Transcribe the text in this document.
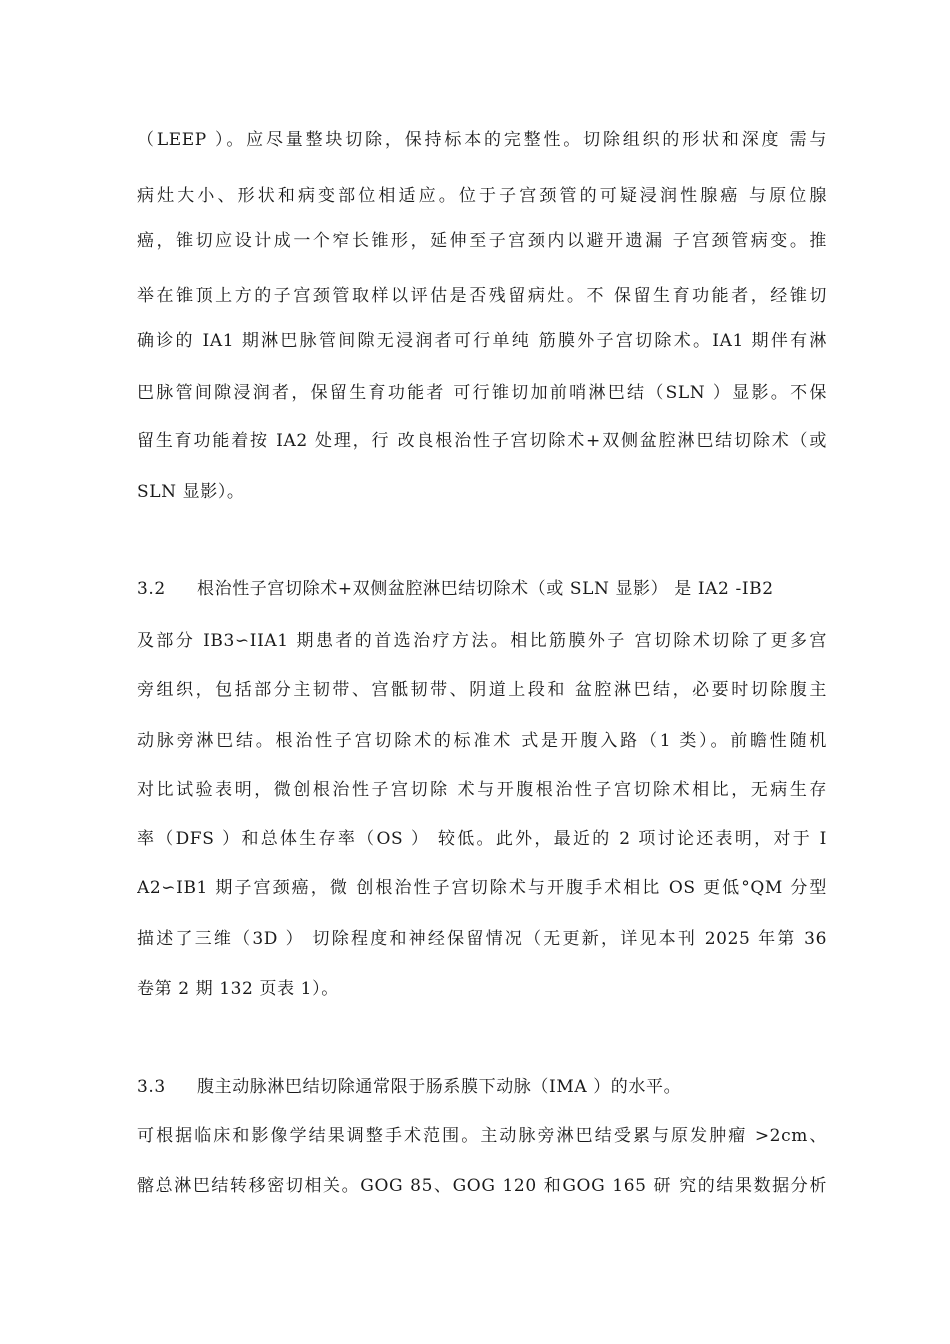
（LEEP ）。应尽量整块切除，保持标本的完整性。切除组织的形状和深度 需与
病灶大小、形状和病变部位相适应。位于子宫颈管的可疑浸润性腺癌 与原位腺
癌，锥切应设计成一个窄长锥形，延伸至子宫颈内以避开遗漏 子宫颈管病变。推
举在锥顶上方的子宫颈管取样以评估是否残留病灶。不 保留生育功能者，经锥切
确诊的 IA1 期淋巴脉管间隙无浸润者可行单纯 筋膜外子宫切除术。IA1 期伴有淋
巴脉管间隙浸润者，保留生育功能者 可行锥切加前哨淋巴结（SLN ）显影。不保
留生育功能着按 IA2 处理，行 改良根治性子宫切除术+双侧盆腔淋巴结切除术（或
SLN 显影）。
3.2 根治性子宫切除术+双侧盆腔淋巴结切除术（或 SLN 显影） 是 IA2 -IB2
及部分 IB3∽IIA1 期患者的首选治疗方法。相比筋膜外子 宫切除术切除了更多宫
旁组织，包括部分主韧带、宫骶韧带、阴道上段和 盆腔淋巴结，必要时切除腹主
动脉旁淋巴结。根治性子宫切除术的标准术 式是开腹入路（1 类）。前瞻性随机
对比试验表明，微创根治性子宫切除 术与开腹根治性子宫切除术相比，无病生存
率（DFS ）和总体生存率（OS ） 较低。此外，最近的 2 项讨论还表明，对于 I
A2∽IB1 期子宫颈癌，微 创根治性子宫切除术与开腹手术相比 OS 更低°QM 分型
描述了三维（3D ） 切除程度和神经保留情况（无更新，详见本刊 2025 年第 36
卷第 2 期 132 页表 1）。
3.3 腹主动脉淋巴结切除通常限于肠系膜下动脉（IMA ）的水平。
可根据临床和影像学结果调整手术范围。主动脉旁淋巴结受累与原发肿瘤 >2cm、
髂总淋巴结转移密切相关。GOG 85、GOG 120 和GOG 165 研 究的结果数据分析
